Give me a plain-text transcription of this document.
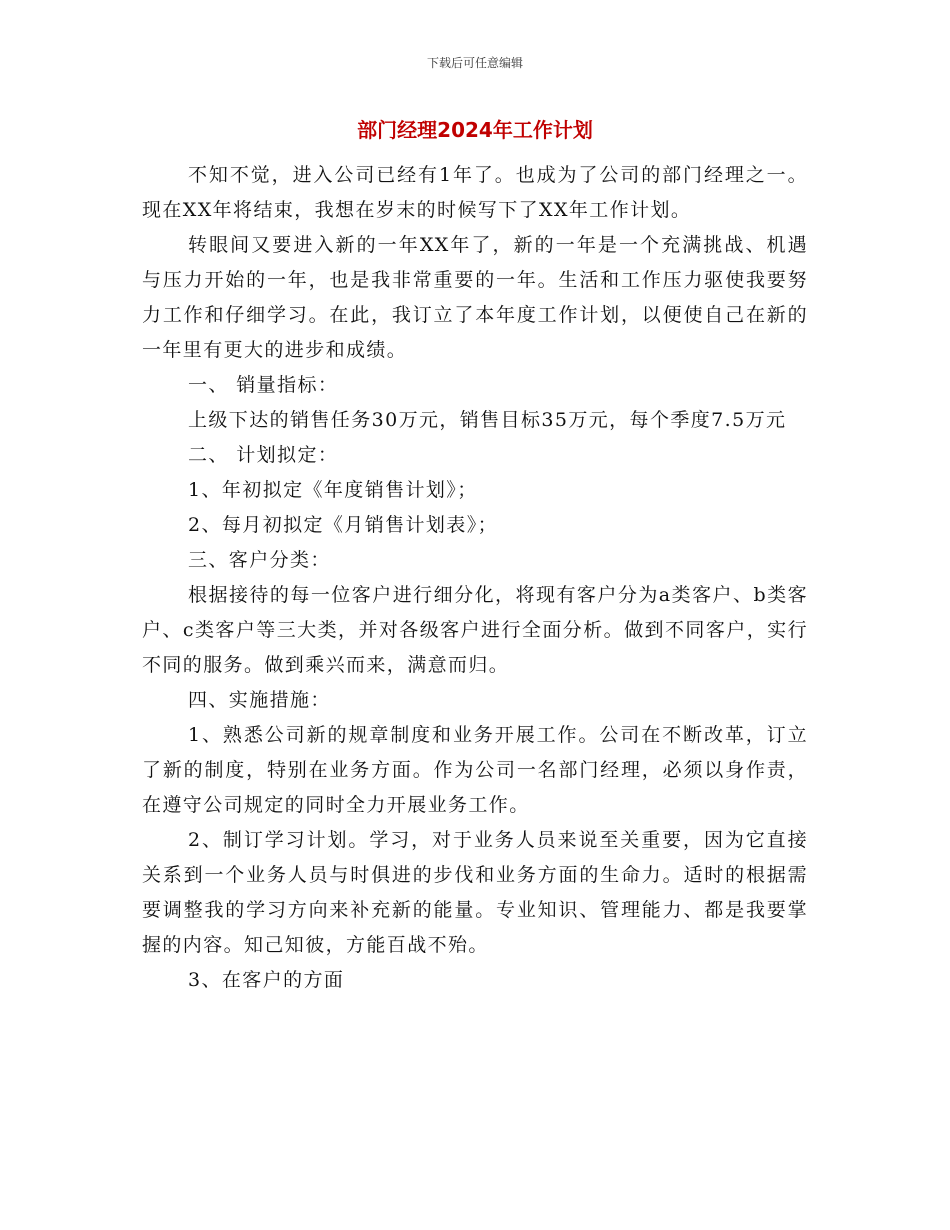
下载后可任意编辑
部门经理2024年工作计划

不知不觉，进入公司已经有1年了。也成为了公司的部门经理之一。现在XX年将结束，我想在岁末的时候写下了XX年工作计划。

转眼间又要进入新的一年XX年了，新的一年是一个充满挑战、机遇与压力开始的一年，也是我非常重要的一年。生活和工作压力驱使我要努力工作和仔细学习。在此，我订立了本年度工作计划，以便使自己在新的一年里有更大的进步和成绩。

一、 销量指标：

上级下达的销售任务30万元，销售目标35万元，每个季度7.5万元

二、 计划拟定：

1、年初拟定《年度销售计划》；

2、每月初拟定《月销售计划表》；

三、客户分类：

根据接待的每一位客户进行细分化，将现有客户分为a类客户、b类客户、c类客户等三大类，并对各级客户进行全面分析。做到不同客户，实行不同的服务。做到乘兴而来，满意而归。

四、实施措施：

1、熟悉公司新的规章制度和业务开展工作。公司在不断改革，订立了新的制度，特别在业务方面。作为公司一名部门经理，必须以身作责，在遵守公司规定的同时全力开展业务工作。

2、制订学习计划。学习，对于业务人员来说至关重要，因为它直接关系到一个业务人员与时俱进的步伐和业务方面的生命力。适时的根据需要调整我的学习方向来补充新的能量。专业知识、管理能力、都是我要掌握的内容。知己知彼，方能百战不殆。

3、在客户的方面
